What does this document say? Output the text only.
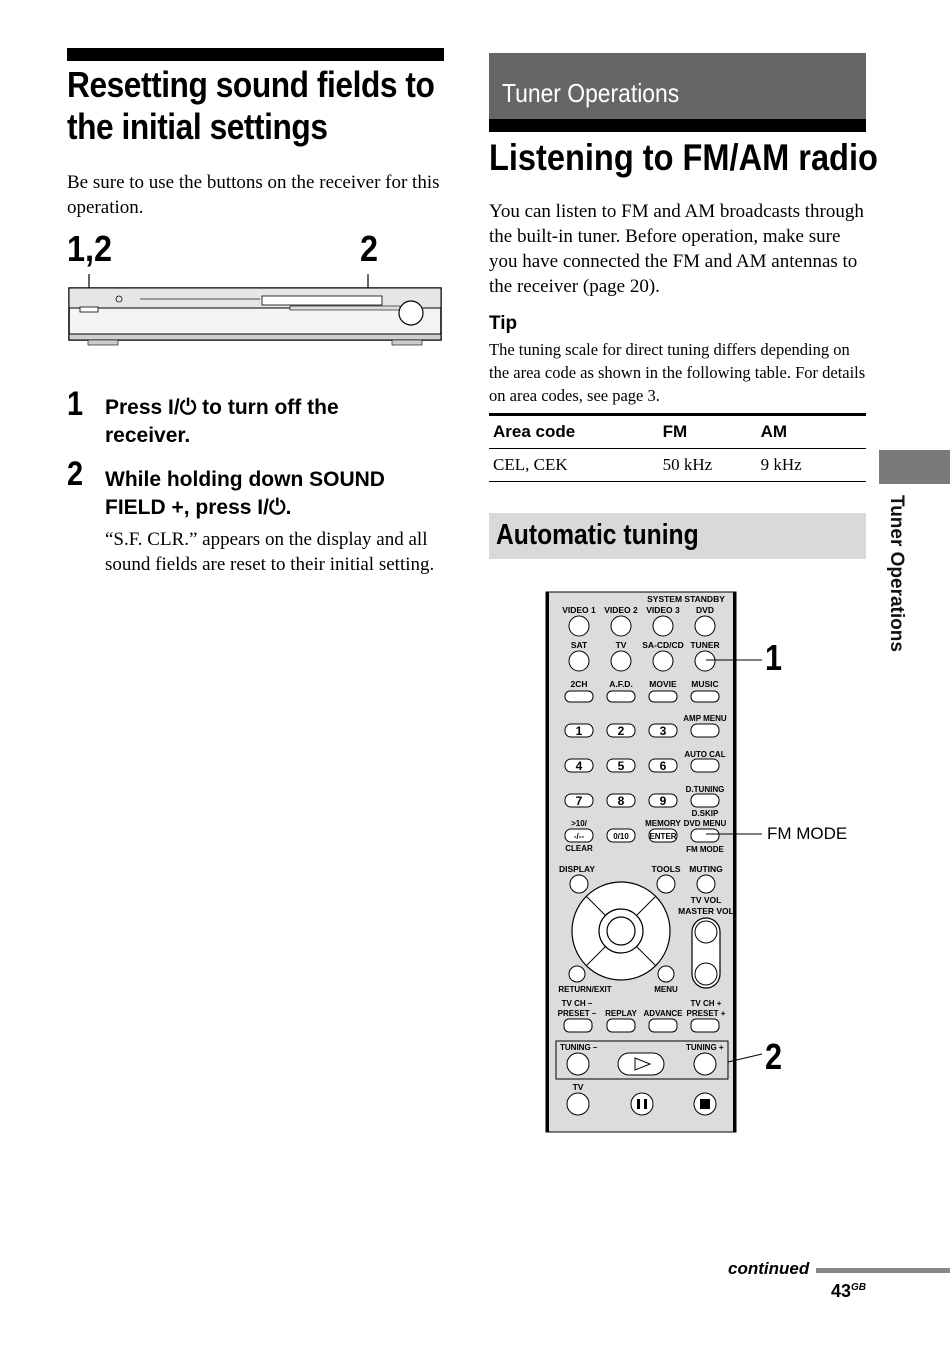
Resetting sound fields to
the initial settings
Be sure to use the buttons on the receiver for this operation.
1,2	2
1 Press I/⏻ to turn off the
receiver.
2 While holding down SOUND
FIELD +, press I/⏻.
“S.F. CLR.” appears on the display and all sound fields are reset to their initial setting.
Tuner Operations
Listening to FM/AM radio
You can listen to FM and AM broadcasts through the built-in tuner. Before operation, make sure you have connected the FM and AM antennas to the receiver (page 20).
Tip
The tuning scale for direct tuning differs depending on the area code as shown in the following table. For details on area codes, see page 3.
Area code	FM	AM
CEL, CEK	50 kHz	9 kHz
Automatic tuning
SYSTEM STANDBY
VIDEO 1 VIDEO 2 VIDEO 3 DVD
SAT	TV SA-CD/CD TUNER
2CH	A.F.D. MOVIE MUSIC
AMP MENU
AUTO CAL
D.TUNING
D.SKIP
MEMORY DVD MENU
FM MODE
1	2	3
4	5	6
7	8	9
>10/
-/--
CLEAR
0/10	ENTER
DISPLAY	TOOLS MUTING
TV VOL
MASTER VOL
RETURN/EXIT	MENU
TV CH –
PRESET – REPLAY ADVANCE
TV CH +
PRESET +
TUNING –	TUNING +
TV
1
FM MODE
2
Tuner Operations
continued
$43^{GB}$
